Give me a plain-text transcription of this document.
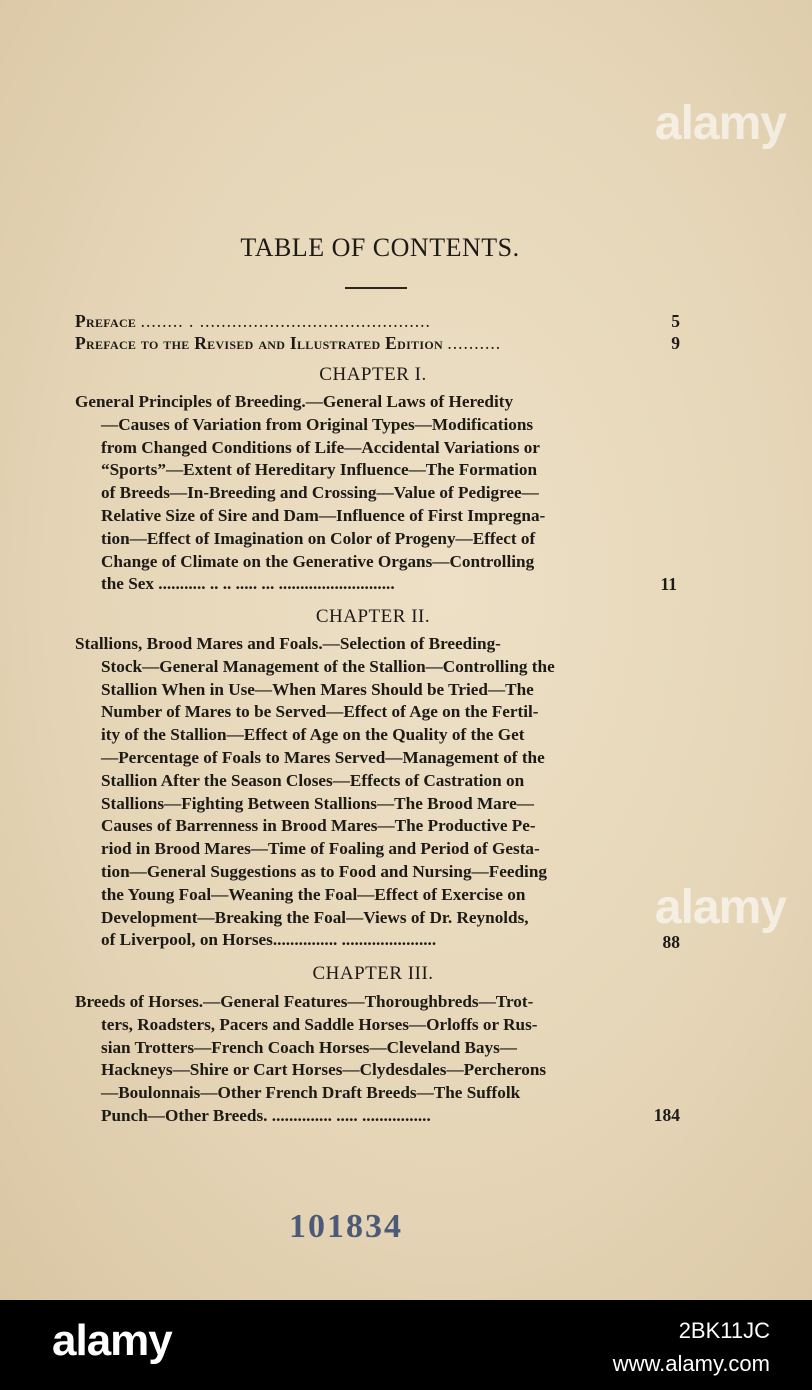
alamy
alamy
TABLE OF CONTENTS.
Preface ........ . ...........................................	5
Preface to the Revised and Illustrated Edition ..........	9
CHAPTER I.
General Principles of Breeding.—General Laws of Heredity
—Causes of Variation from Original Types—Modifications
from Changed Conditions of Life—Accidental Variations or
“Sports”—Extent of Hereditary Influence—The Formation
of Breeds—In-Breeding and Crossing—Value of Pedigree—
Relative Size of Sire and Dam—Influence of First Impregna-
tion—Effect of Imagination on Color of Progeny—Effect of
Change of Climate on the Generative Organs—Controlling
the Sex ........... .. .. ..... ... ...........................	11
CHAPTER II.
Stallions, Brood Mares and Foals.—Selection of Breeding-
Stock—General Management of the Stallion—Controlling the
Stallion When in Use—When Mares Should be Tried—The
Number of Mares to be Served—Effect of Age on the Fertil-
ity of the Stallion—Effect of Age on the Quality of the Get
—Percentage of Foals to Mares Served—Management of the
Stallion After the Season Closes—Effects of Castration on
Stallions—Fighting Between Stallions—The Brood Mare—
Causes of Barrenness in Brood Mares—The Productive Pe-
riod in Brood Mares—Time of Foaling and Period of Gesta-
tion—General Suggestions as to Food and Nursing—Feeding
the Young Foal—Weaning the Foal—Effect of Exercise on
Development—Breaking the Foal—Views of Dr. Reynolds,
of Liverpool, on Horses............... ......................	88
CHAPTER III.
Breeds of Horses.—General Features—Thoroughbreds—Trot-
ters, Roadsters, Pacers and Saddle Horses—Orloffs or Rus-
sian Trotters—French Coach Horses—Cleveland Bays—
Hackneys—Shire or Cart Horses—Clydesdales—Percherons
—Boulonnais—Other French Draft Breeds—The Suffolk
Punch—Other Breeds. .............. ..... ................	184
101834
alamy	2BK11JC
www.alamy.com
